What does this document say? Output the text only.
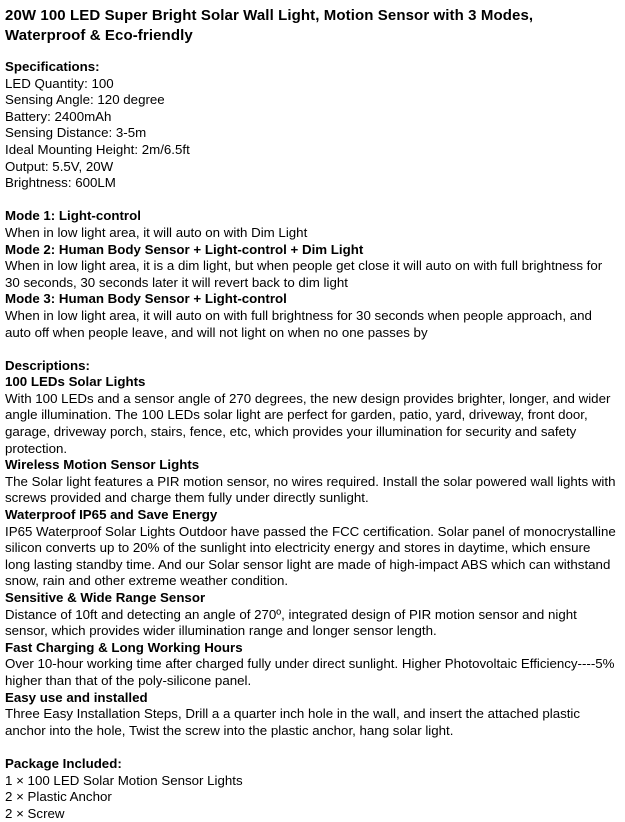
20W 100 LED Super Bright Solar Wall Light, Motion Sensor with 3 Modes, Waterproof & Eco-friendly
Specifications:
LED Quantity: 100
Sensing Angle: 120 degree
Battery: 2400mAh
Sensing Distance: 3-5m
Ideal Mounting Height: 2m/6.5ft
Output: 5.5V, 20W
Brightness: 600LM
Mode 1: Light-control
When in low light area, it will auto on with Dim Light
Mode 2: Human Body Sensor + Light-control + Dim Light
When in low light area, it is a dim light, but when people get close it will auto on with full brightness for 30 seconds, 30 seconds later it will revert back to dim light
Mode 3: Human Body Sensor + Light-control
When in low light area, it will auto on with full brightness for 30 seconds when people approach, and auto off when people leave, and will not light on when no one passes by
Descriptions:
100 LEDs Solar Lights
With 100 LEDs and a sensor angle of 270 degrees, the new design provides brighter, longer, and wider angle illumination. The 100 LEDs solar light are perfect for garden, patio, yard, driveway, front door, garage, driveway porch, stairs, fence, etc, which provides your illumination for security and safety protection.
Wireless Motion Sensor Lights
The Solar light features a PIR motion sensor, no wires required. Install the solar powered wall lights with screws provided and charge them fully under directly sunlight.
Waterproof IP65 and Save Energy
IP65 Waterproof Solar Lights Outdoor have passed the FCC certification. Solar panel of monocrystalline silicon converts up to 20% of the sunlight into electricity energy and stores in daytime, which ensure long lasting standby time. And our Solar sensor light are made of high-impact ABS which can withstand snow, rain and other extreme weather condition.
Sensitive & Wide Range Sensor
Distance of 10ft and detecting an angle of 270º, integrated design of PIR motion sensor and night sensor, which provides wider illumination range and longer sensor length.
Fast Charging & Long Working Hours
Over 10-hour working time after charged fully under direct sunlight. Higher Photovoltaic Efficiency----5% higher than that of the poly-silicone panel.
Easy use and installed
Three Easy Installation Steps, Drill a a quarter inch hole in the wall, and insert the attached plastic anchor into the hole, Twist the screw into the plastic anchor, hang solar light.
Package Included:
1 × 100 LED Solar Motion Sensor Lights
2 × Plastic Anchor
2 × Screw
